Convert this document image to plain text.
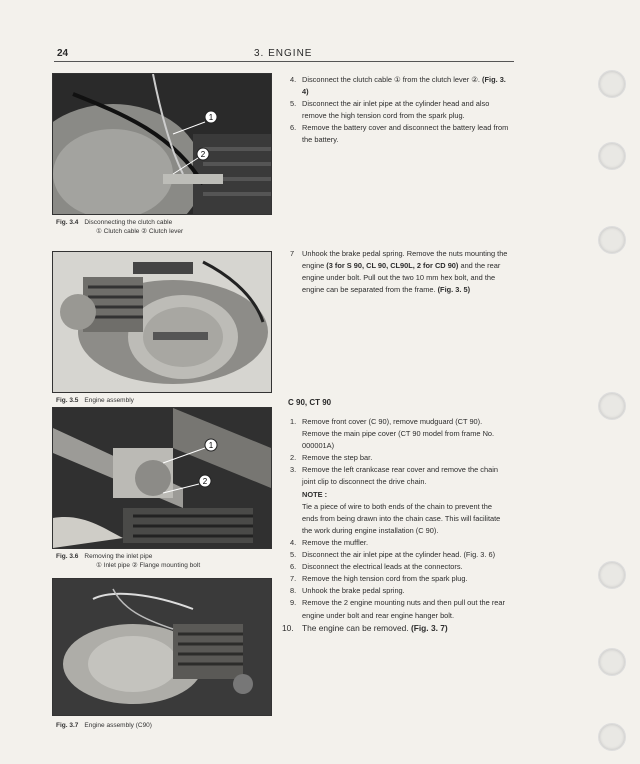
24	3. ENGINE
1
2
Fig. 3.4 Disconnecting the clutch cable
① Clutch cable ② Clutch lever
Fig. 3.5 Engine assembly
1
2
Fig. 3.6 Removing the inlet pipe
① Inlet pipe ② Flange mounting bolt
Fig. 3.7 Engine assembly (C90)
4. Disconnect the clutch cable ① from the clutch lever ②. (Fig. 3. 4)
5. Disconnect the air inlet pipe at the cylinder head and also remove the high tension cord from the spark plug.
6. Remove the battery cover and disconnect the battery lead from the battery.
7 Unhook the brake pedal spring. Remove the nuts mounting the engine (3 for S 90, CL 90, CL90L, 2 for CD 90) and the rear engine under bolt. Pull out the two 10 mm hex bolt, and the engine can be separated from the frame. (Fig. 3. 5)
C 90, CT 90
1. Remove front cover (C 90), remove mudguard (CT 90). Remove the main pipe cover (CT 90 model from frame No. 000001A)
2. Remove the step bar.
3. Remove the left crankcase rear cover and remove the chain joint clip to disconnect the drive chain.
NOTE :
Tie a piece of wire to both ends of the chain to prevent the ends from being drawn into the chain case. This will facilitate the work during engine installation (C 90).
4. Remove the muffler.
5. Disconnect the air inlet pipe at the cylinder head. (Fig. 3. 6)
6. Disconnect the electrical leads at the connectors.
7. Remove the high tension cord from the spark plug.
8. Unhook the brake pedal spring.
9. Remove the 2 engine mounting nuts and then pull out the rear engine under bolt and rear engine hanger bolt.
10. The engine can be removed. (Fig. 3. 7)
